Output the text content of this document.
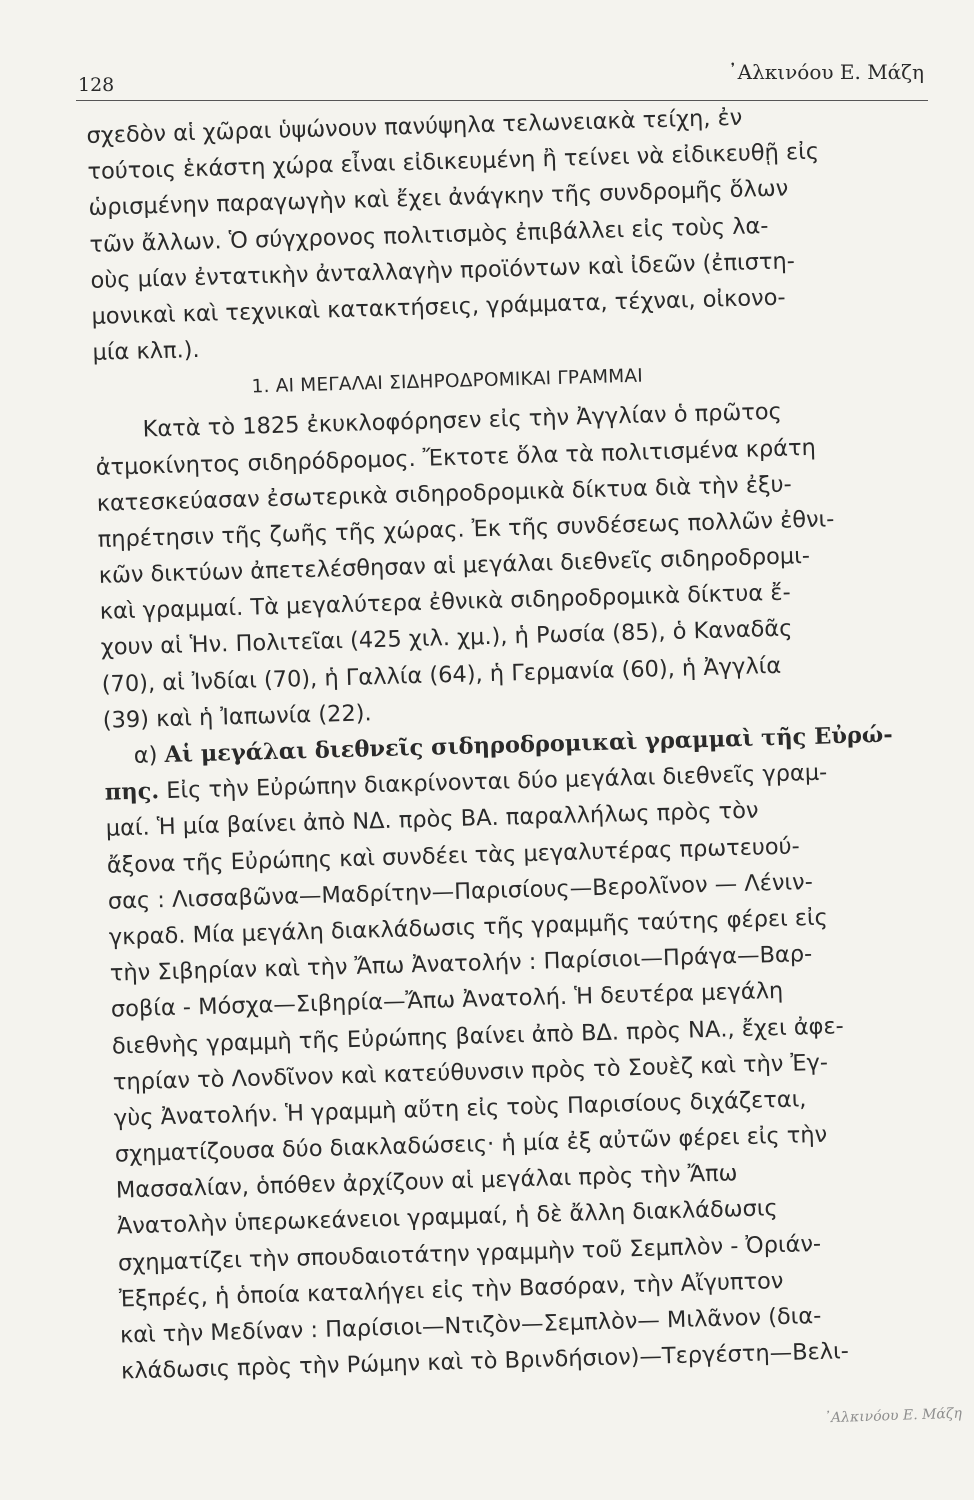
128
᾿Αλκινόου Ε. Μάζη
σχεδὸν αἱ χῶραι ὑψώνουν πανύψηλα τελωνειακὰ τείχη, ἐν
τούτοις ἑκάστη χώρα εἶναι εἰδικευμένη ἢ τείνει νὰ εἰδικευθῇ εἰς
ὡρισμένην παραγωγὴν καὶ ἔχει ἀνάγκην τῆς συνδρομῆς ὅλων
τῶν ἄλλων. Ὁ σύγχρονος πολιτισμὸς ἐπιβάλλει εἰς τοὺς λα-
οὺς μίαν ἐντατικὴν ἀνταλλαγὴν προϊόντων καὶ ἰδεῶν (ἐπιστη-
μονικαὶ καὶ τεχνικαὶ κατακτήσεις, γράμματα, τέχναι, οἰκονο-
μία κλπ.).
1. ΑΙ ΜΕΓΑΛΑΙ ΣΙΔΗΡΟΔΡΟΜΙΚΑΙ ΓΡΑΜΜΑΙ
Κατὰ τὸ 1825 ἐκυκλοφόρησεν εἰς τὴν Ἀγγλίαν ὁ πρῶτος
ἀτμοκίνητος σιδηρόδρομος. Ἔκτοτε ὅλα τὰ πολιτισμένα κράτη
κατεσκεύασαν ἐσωτερικὰ σιδηροδρομικὰ δίκτυα διὰ τὴν ἐξυ-
πηρέτησιν τῆς ζωῆς τῆς χώρας. Ἐκ τῆς συνδέσεως πολλῶν ἐθνι-
κῶν δικτύων ἀπετελέσθησαν αἱ μεγάλαι διεθνεῖς σιδηροδρομι-
καὶ γραμμαί. Τὰ μεγαλύτερα ἐθνικὰ σιδηροδρομικὰ δίκτυα ἔ-
χουν αἱ Ἡν. Πολιτεῖαι (425 χιλ. χμ.), ἡ Ρωσία (85), ὁ Καναδᾶς
(70), αἱ Ἰνδίαι (70), ἡ Γαλλία (64), ἡ Γερμανία (60), ἡ Ἀγγλία
(39) καὶ ἡ Ἰαπωνία (22).
α) Αἱ μεγάλαι διεθνεῖς σιδηροδρομικαὶ γραμμαὶ τῆς Εὐρώ-
πης. Εἰς τὴν Εὐρώπην διακρίνονται δύο μεγάλαι διεθνεῖς γραμ-
μαί. Ἡ μία βαίνει ἀπὸ ΝΔ. πρὸς ΒΑ. παραλλήλως πρὸς τὸν
ἄξονα τῆς Εὐρώπης καὶ συνδέει τὰς μεγαλυτέρας πρωτευού-
σας : Λισσαβῶνα—Μαδρίτην—Παρισίους—Βερολῖνον — Λένιν-
γκραδ. Μία μεγάλη διακλάδωσις τῆς γραμμῆς ταύτης φέρει εἰς
τὴν Σιβηρίαν καὶ τὴν Ἄπω Ἀνατολήν : Παρίσιοι—Πράγα—Βαρ-
σοβία - Μόσχα—Σιβηρία—Ἄπω Ἀνατολή. Ἡ δευτέρα μεγάλη
διεθνὴς γραμμὴ τῆς Εὐρώπης βαίνει ἀπὸ ΒΔ. πρὸς ΝΑ., ἔχει ἀφε-
τηρίαν τὸ Λονδῖνον καὶ κατεύθυνσιν πρὸς τὸ Σουὲζ καὶ τὴν Ἐγ-
γὺς Ἀνατολήν. Ἡ γραμμὴ αὕτη εἰς τοὺς Παρισίους διχάζεται,
σχηματίζουσα δύο διακλαδώσεις· ἡ μία ἐξ αὐτῶν φέρει εἰς τὴν
Μασσαλίαν, ὁπόθεν ἀρχίζουν αἱ μεγάλαι πρὸς τὴν Ἄπω
Ἀνατολὴν ὑπερωκεάνειοι γραμμαί, ἡ δὲ ἄλλη διακλάδωσις
σχηματίζει τὴν σπουδαιοτάτην γραμμὴν τοῦ Σεμπλὸν - Ὀριάν-
Ἐξπρές, ἡ ὁποία καταλήγει εἰς τὴν Βασόραν, τὴν Αἴγυπτον
καὶ τὴν Μεδίναν : Παρίσιοι—Ντιζὸν—Σεμπλὸν— Μιλᾶνον (δια-
κλάδωσις πρὸς τὴν Ρώμην καὶ τὸ Βρινδήσιον)—Τεργέστη—Βελι-
᾿Αλκινόου Ε. Μάζη
